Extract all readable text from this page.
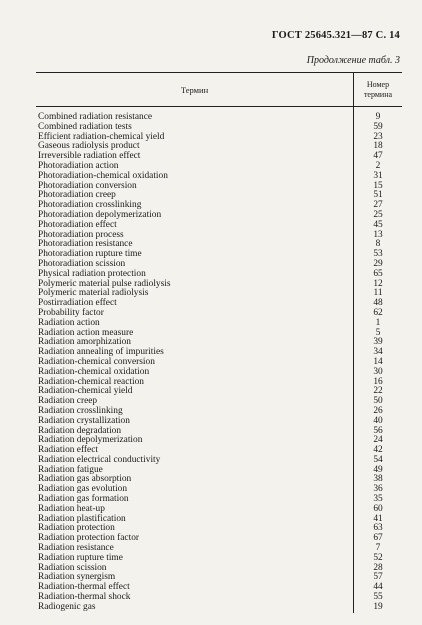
ГОСТ 25645.321—87 С. 14
Продолжение табл. 3
Термин
Номер
термина
Combined radiation resistance	9
Combined radiation tests	59
Efficient radiation-chemical yield	23
Gaseous radiolysis product	18
Irreversible radiation effect	47
Photoradiation action	2
Photoradiation-chemical oxidation	31
Photoradiation conversion	15
Photoradiation creep	51
Photoradiation crosslinking	27
Photoradiation depolymerization	25
Photoradiation effect	45
Photoradiation process	13
Photoradiation resistance	8
Photoradiation rupture time	53
Photoradiation scission	29
Physical radiation protection	65
Polymeric material pulse radiolysis	12
Polymeric material radiolysis	11
Postirradiation effect	48
Probability factor	62
Radiation action	1
Radiation action measure	5
Radiation amorphization	39
Radiation annealing of impurities	34
Radiation-chemical conversion	14
Radiation-chemical oxidation	30
Radiation-chemical reaction	16
Radiation-chemical yield	22
Radiation creep	50
Radiation crosslinking	26
Radiation crystallization	40
Radiation degradation	56
Radiation depolymerization	24
Radiation effect	42
Radiation electrical conductivity	54
Radiation fatigue	49
Radiation gas absorption	38
Radiation gas evolution	36
Radiation gas formation	35
Radiation heat-up	60
Radiation plastification	41
Radiation protection	63
Radiation protection factor	67
Radiation resistance	7
Radiation rupture time	52
Radiation scission	28
Radiation synergism	57
Radiation-thermal effect	44
Radiation-thermal shock	55
Radiogenic gas	19
